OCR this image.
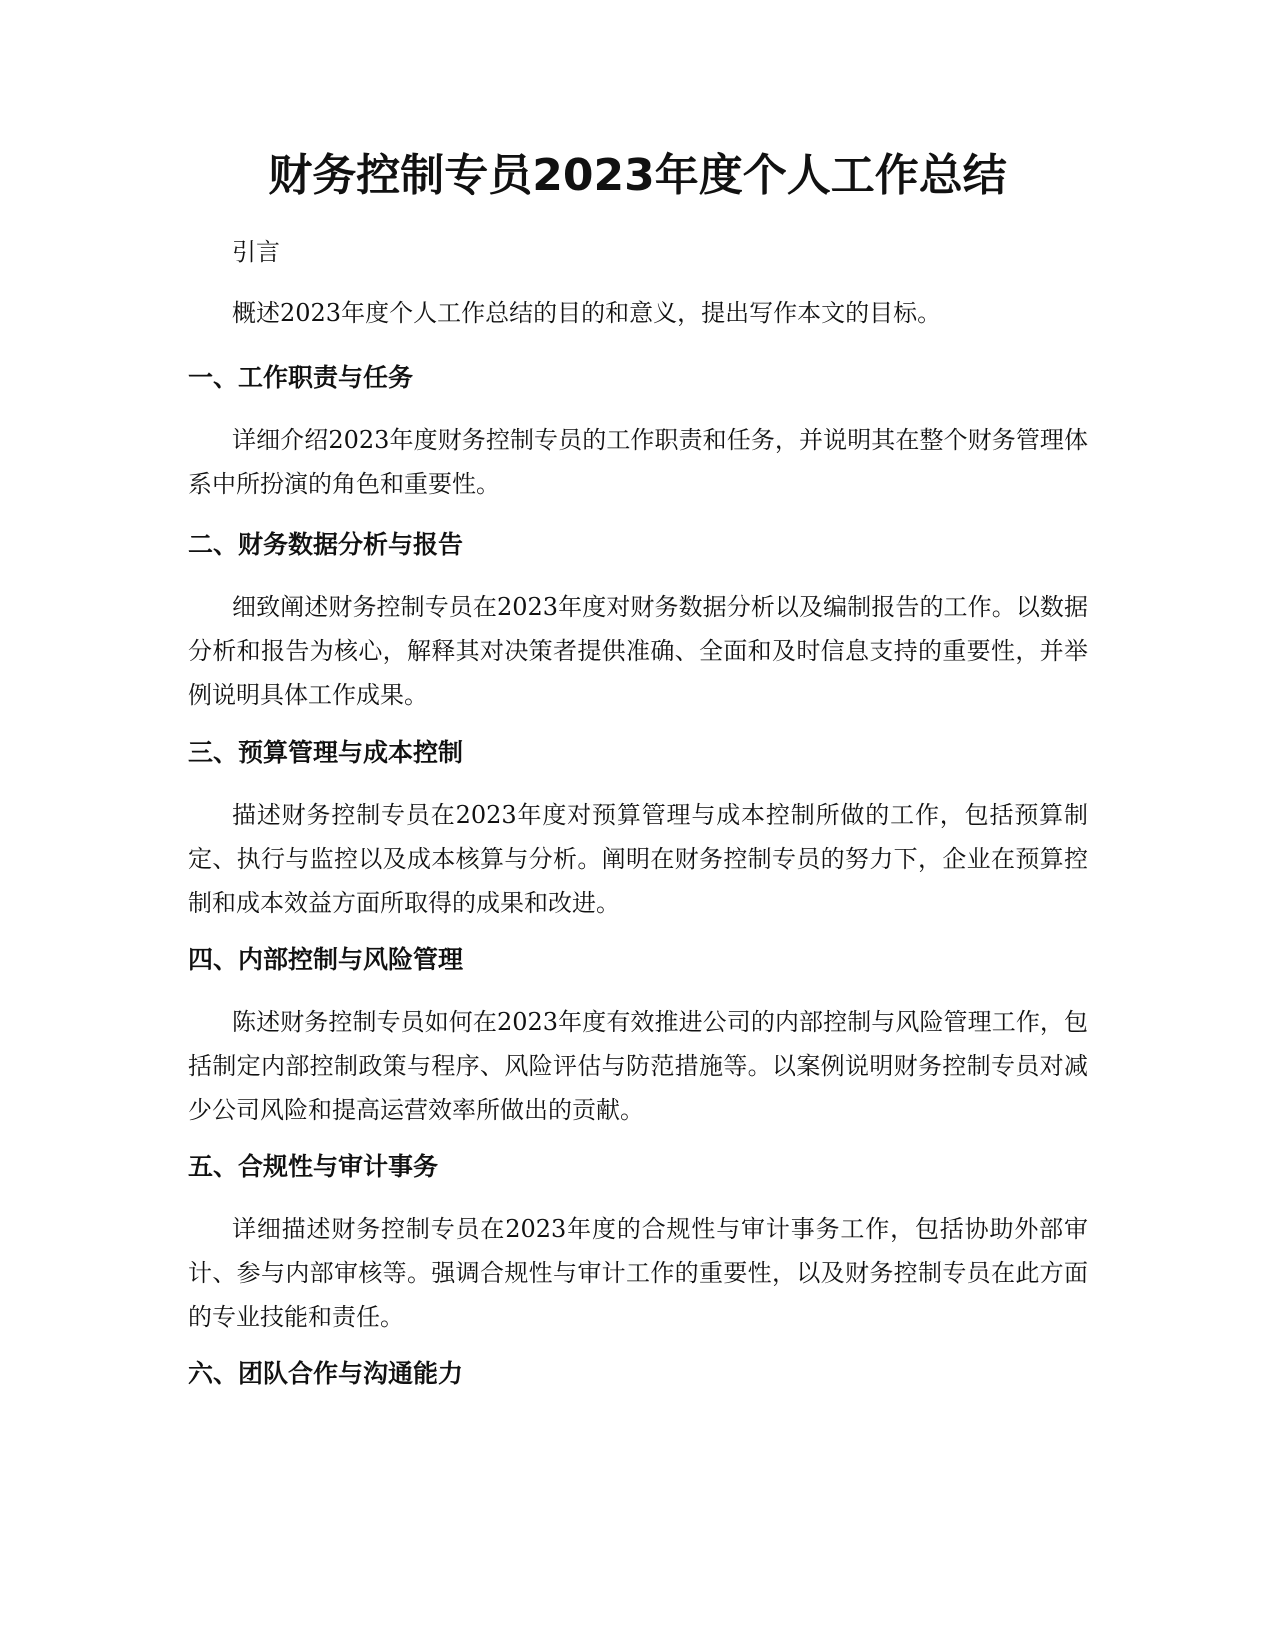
财务控制专员2023年度个人工作总结

引言

概述2023年度个人工作总结的目的和意义，提出写作本文的目标。

一、工作职责与任务

详细介绍2023年度财务控制专员的工作职责和任务，并说明其在整个财务管理体系中所扮演的角色和重要性。

二、财务数据分析与报告

细致阐述财务控制专员在2023年度对财务数据分析以及编制报告的工作。以数据分析和报告为核心，解释其对决策者提供准确、全面和及时信息支持的重要性，并举例说明具体工作成果。

三、预算管理与成本控制

描述财务控制专员在2023年度对预算管理与成本控制所做的工作，包括预算制定、执行与监控以及成本核算与分析。阐明在财务控制专员的努力下，企业在预算控制和成本效益方面所取得的成果和改进。

四、内部控制与风险管理

陈述财务控制专员如何在2023年度有效推进公司的内部控制与风险管理工作，包括制定内部控制政策与程序、风险评估与防范措施等。以案例说明财务控制专员对减少公司风险和提高运营效率所做出的贡献。

五、合规性与审计事务

详细描述财务控制专员在2023年度的合规性与审计事务工作，包括协助外部审计、参与内部审核等。强调合规性与审计工作的重要性，以及财务控制专员在此方面的专业技能和责任。

六、团队合作与沟通能力
